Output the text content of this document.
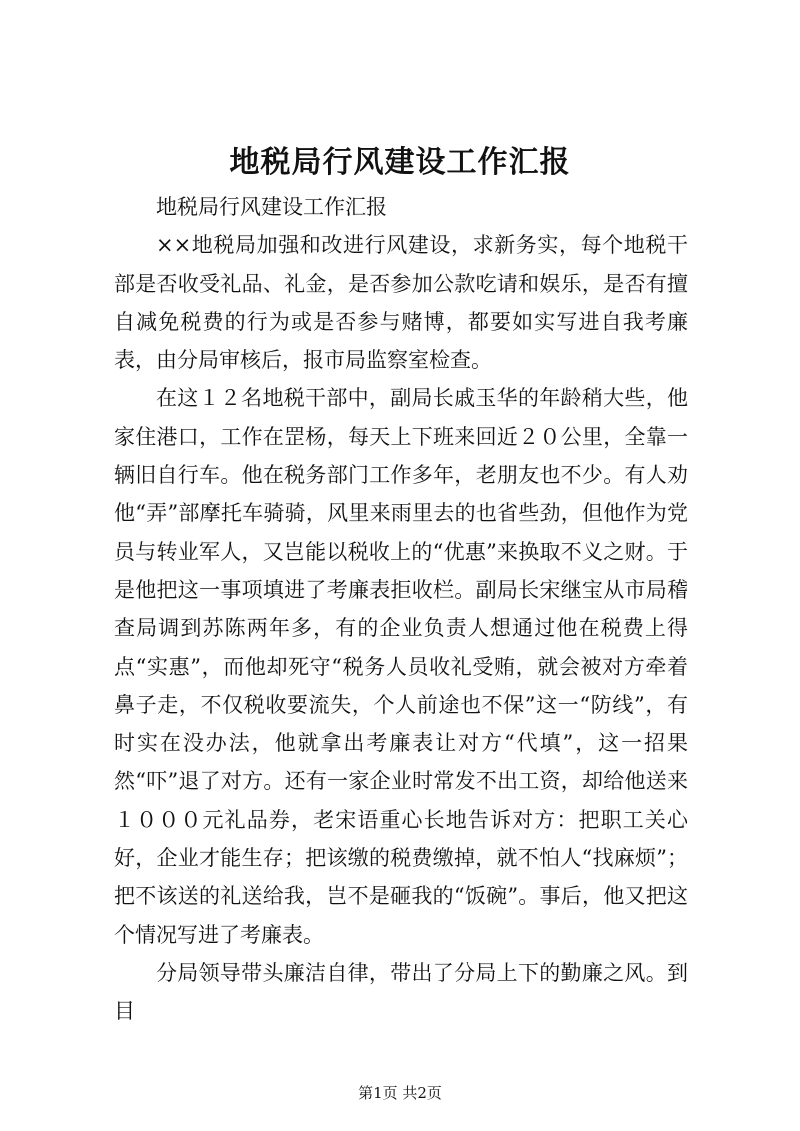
地税局行风建设工作汇报

地税局行风建设工作汇报

××地税局加强和改进行风建设，求新务实，每个地税干部是否收受礼品、礼金，是否参加公款吃请和娱乐，是否有擅自减免税费的行为或是否参与赌博，都要如实写进自我考廉表，由分局审核后，报市局监察室检查。

在这１２名地税干部中，副局长戚玉华的年龄稍大些，他家住港口，工作在罡杨，每天上下班来回近２０公里，全靠一辆旧自行车。他在税务部门工作多年，老朋友也不少。有人劝他“弄”部摩托车骑骑，风里来雨里去的也省些劲，但他作为党员与转业军人，又岂能以税收上的“优惠”来换取不义之财。于是他把这一事项填进了考廉表拒收栏。副局长宋继宝从市局稽查局调到苏陈两年多，有的企业负责人想通过他在税费上得点“实惠”，而他却死守“税务人员收礼受贿，就会被对方牵着鼻子走，不仅税收要流失，个人前途也不保”这一“防线”，有时实在没办法，他就拿出考廉表让对方“代填”，这一招果然“吓”退了对方。还有一家企业时常发不出工资，却给他送来１０００元礼品券，老宋语重心长地告诉对方：把职工关心好，企业才能生存；把该缴的税费缴掉，就不怕人“找麻烦”；把不该送的礼送给我，岂不是砸我的“饭碗”。事后，他又把这个情况写进了考廉表。

分局领导带头廉洁自律，带出了分局上下的勤廉之风。到目

第1页 共2页
